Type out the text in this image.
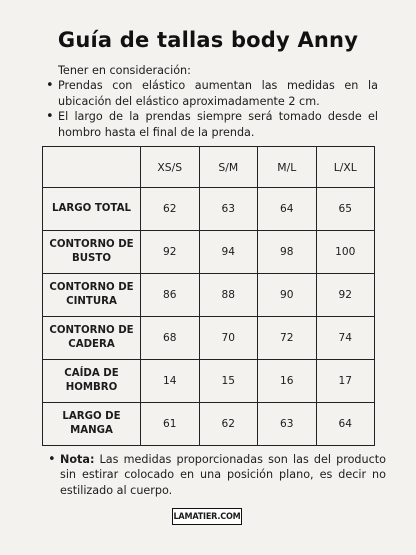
Guía de tallas body Anny
Tener en consideración:
• Prendas con elástico aumentan las medidas en la ubicación del elástico aproximadamente 2 cm.
• El largo de la prendas siempre será tomado desde el hombro hasta el final de la prenda.
	XS/S	S/M	M/L	L/XL
LARGO TOTAL	62	63	64	65
CONTORNO DE BUSTO	92	94	98	100
CONTORNO DE CINTURA	86	88	90	92
CONTORNO DE CADERA	68	70	72	74
CAÍDA DE HOMBRO	14	15	16	17
LARGO DE MANGA	61	62	63	64
• Nota: Las medidas proporcionadas son las del producto sin estirar colocado en una posición plano, es decir no estilizado al cuerpo.
LAMATIER.COM
